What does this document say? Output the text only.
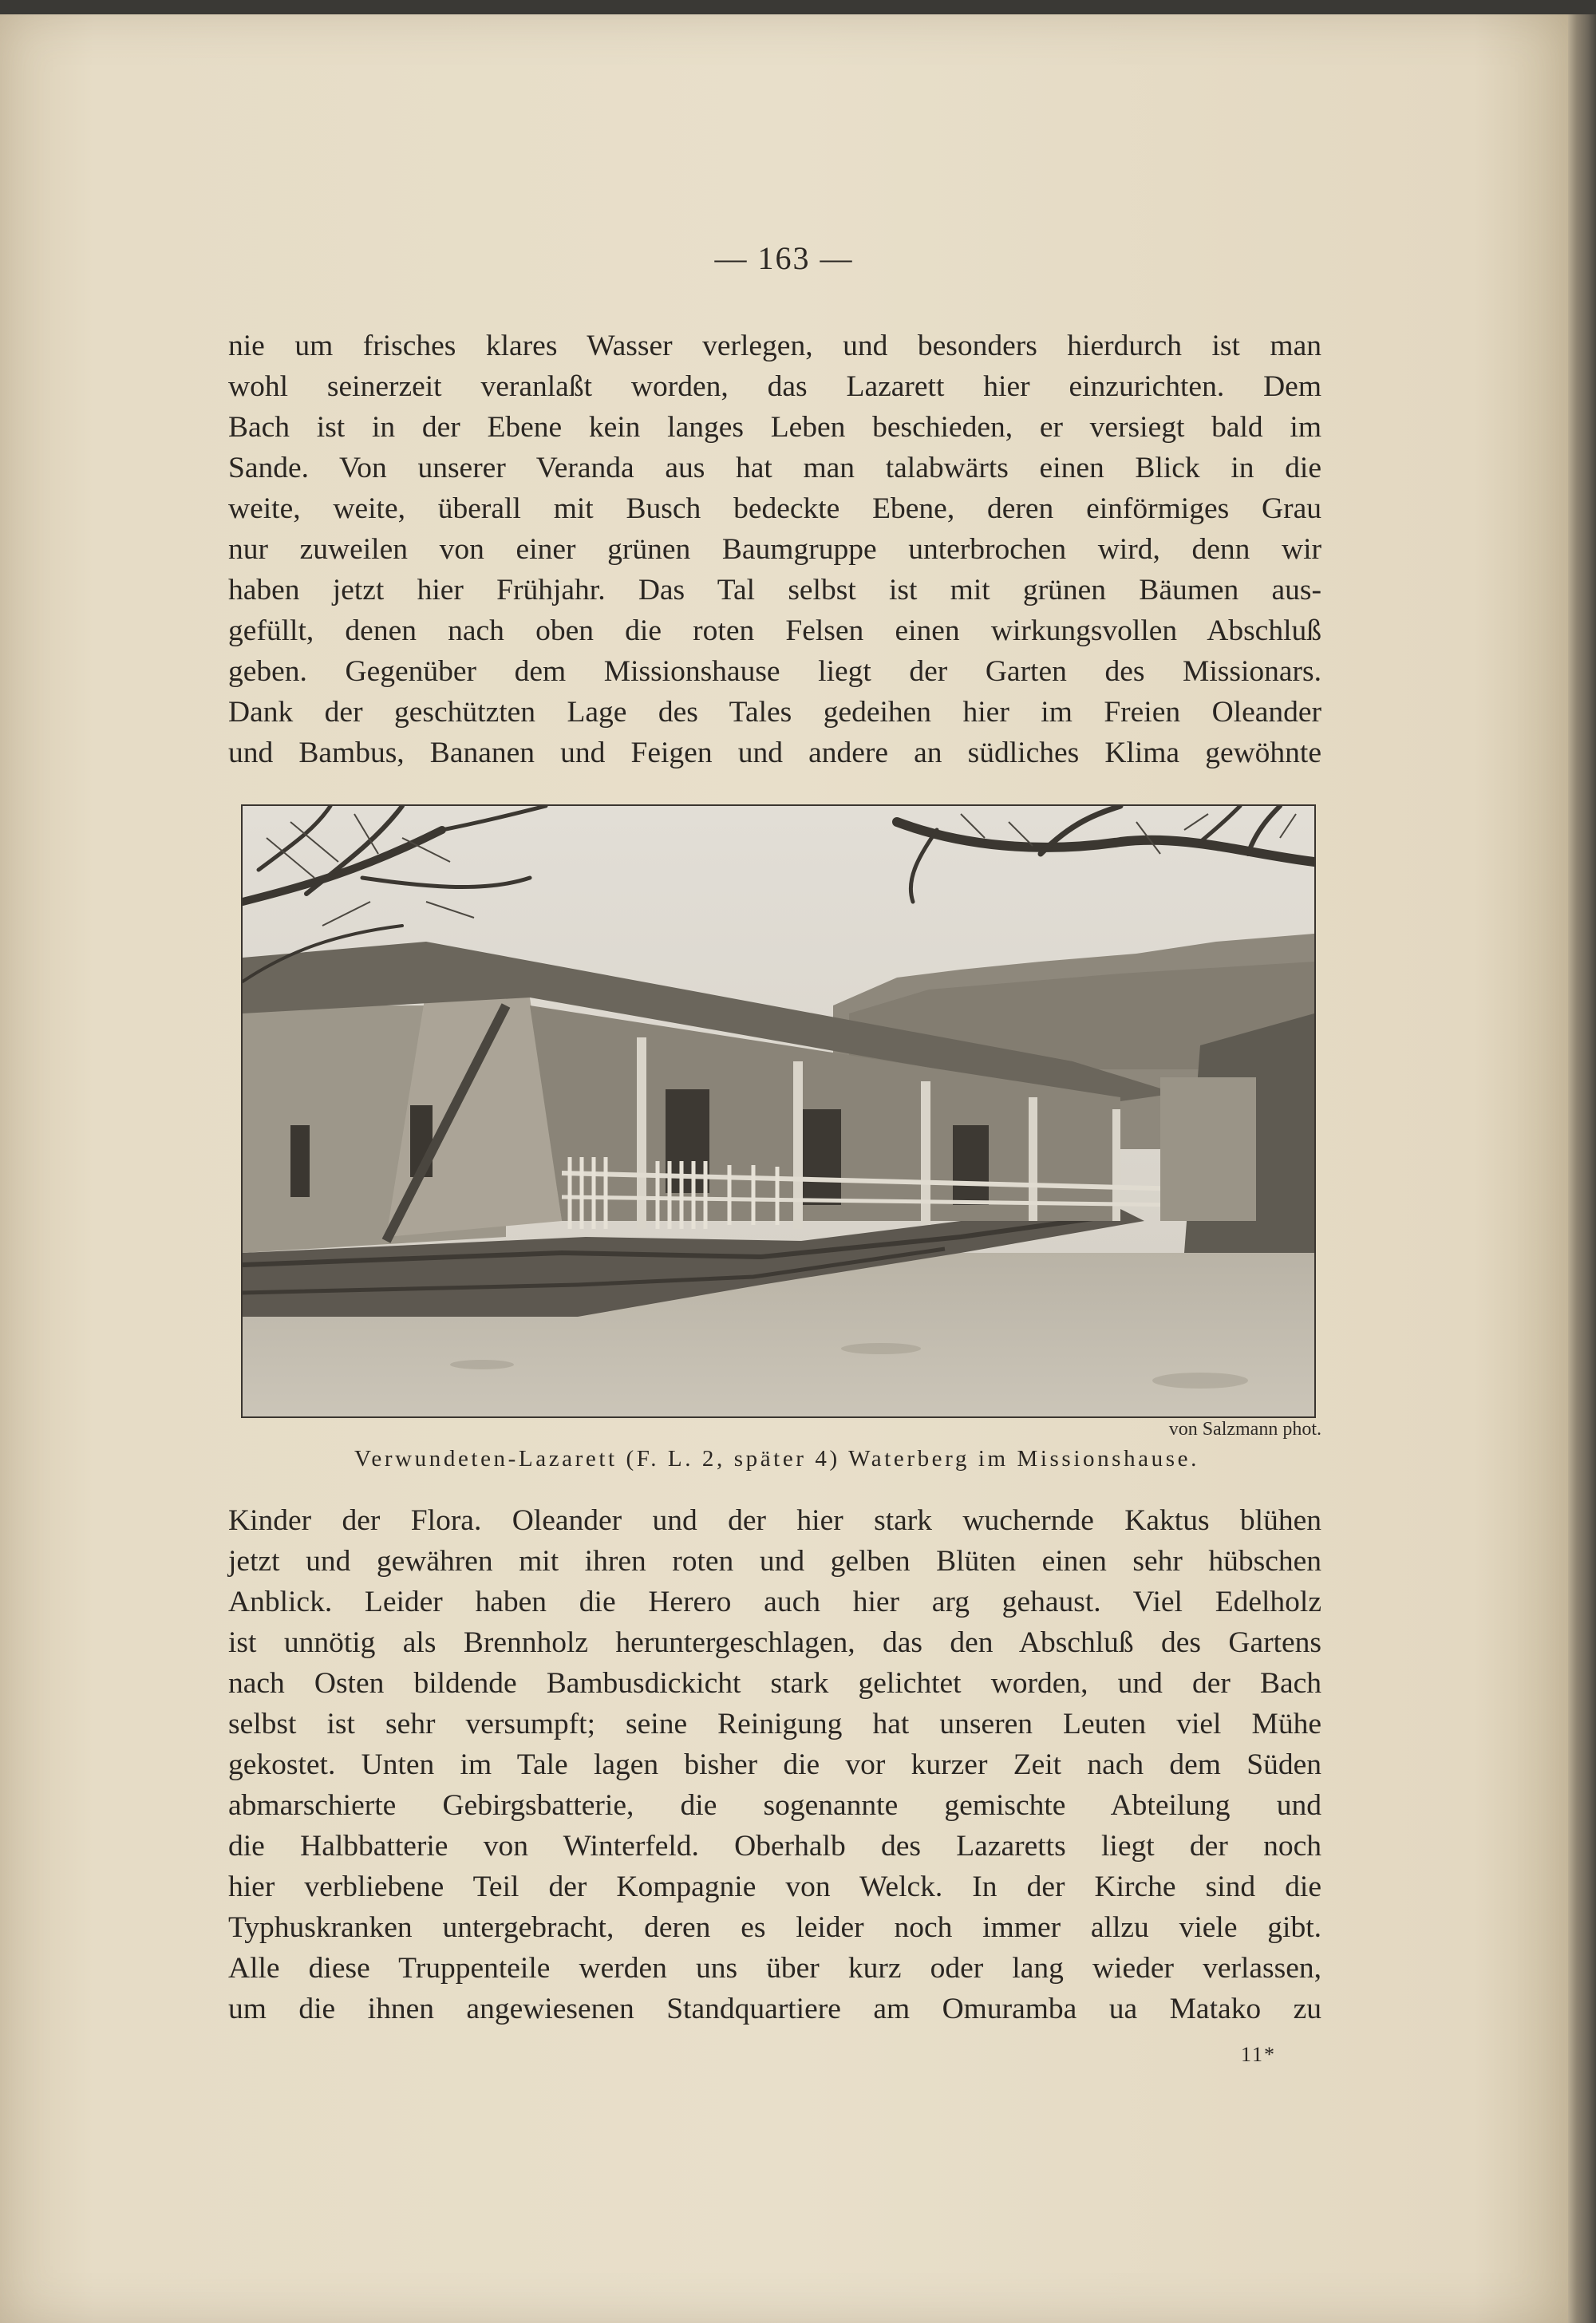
— 163 —
nie um frisches klares Wasser verlegen, und besonders hierdurch ist man
wohl seinerzeit veranlaßt worden, das Lazarett hier einzurichten. Dem
Bach ist in der Ebene kein langes Leben beschieden, er versiegt bald im
Sande. Von unserer Veranda aus hat man talabwärts einen Blick in die
weite, weite, überall mit Busch bedeckte Ebene, deren einförmiges Grau
nur zuweilen von einer grünen Baumgruppe unterbrochen wird, denn wir
haben jetzt hier Frühjahr. Das Tal selbst ist mit grünen Bäumen aus-
gefüllt, denen nach oben die roten Felsen einen wirkungsvollen Abschluß
geben. Gegenüber dem Missionshause liegt der Garten des Missionars.
Dank der geschützten Lage des Tales gedeihen hier im Freien Oleander
und Bambus, Bananen und Feigen und andere an südliches Klima gewöhnte
von Salzmann phot.
Verwundeten-Lazarett (F. L. 2, später 4) Waterberg im Missionshause.
Kinder der Flora. Oleander und der hier stark wuchernde Kaktus blühen
jetzt und gewähren mit ihren roten und gelben Blüten einen sehr hübschen
Anblick. Leider haben die Herero auch hier arg gehaust. Viel Edelholz
ist unnötig als Brennholz heruntergeschlagen, das den Abschluß des Gartens
nach Osten bildende Bambusdickicht stark gelichtet worden, und der Bach
selbst ist sehr versumpft; seine Reinigung hat unseren Leuten viel Mühe
gekostet. Unten im Tale lagen bisher die vor kurzer Zeit nach dem Süden
abmarschierte Gebirgsbatterie, die sogenannte gemischte Abteilung und
die Halbbatterie von Winterfeld. Oberhalb des Lazaretts liegt der noch
hier verbliebene Teil der Kompagnie von Welck. In der Kirche sind die
Typhuskranken untergebracht, deren es leider noch immer allzu viele gibt.
Alle diese Truppenteile werden uns über kurz oder lang wieder verlassen,
um die ihnen angewiesenen Standquartiere am Omuramba ua Matako zu
11*
